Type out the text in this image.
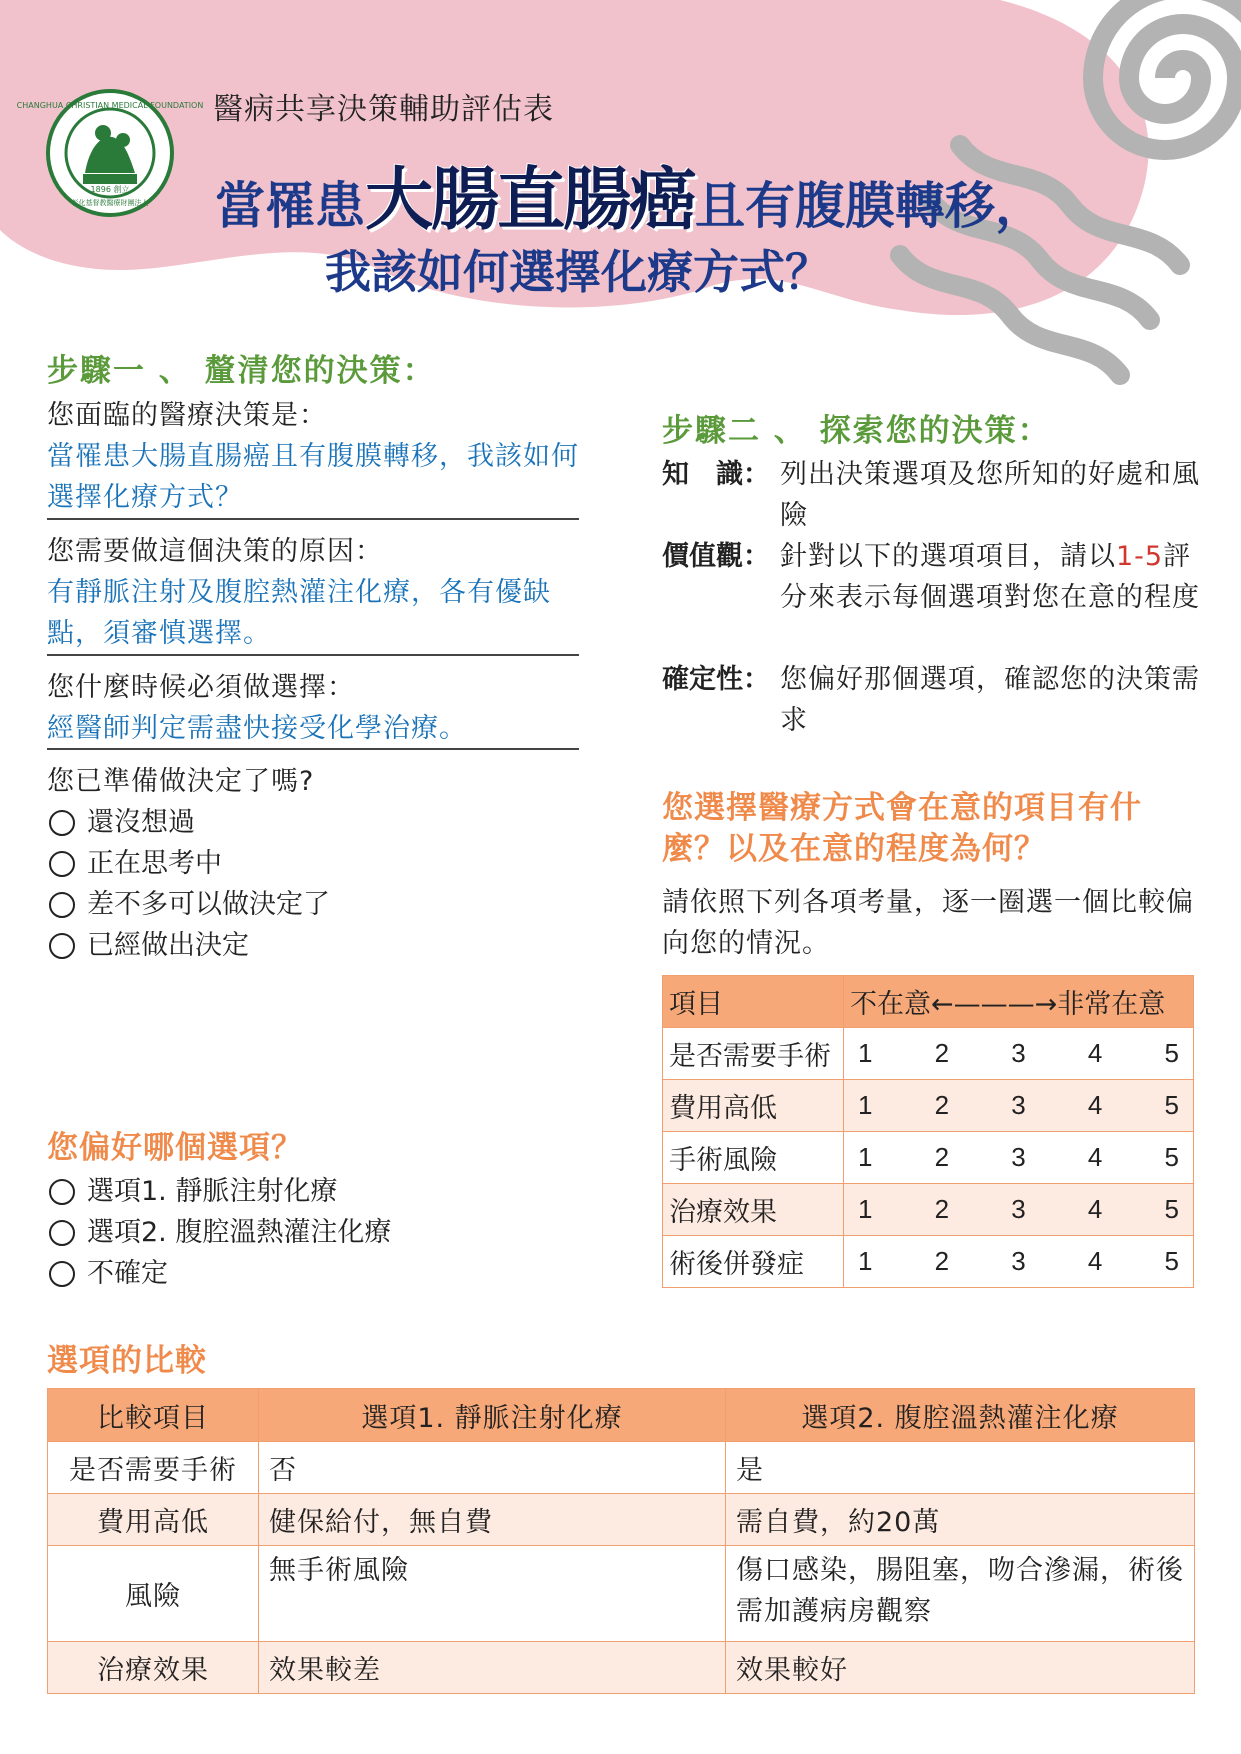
CHANGHUA CHRISTIAN MEDICAL FOUNDATION
1896 創立
彰化基督教醫療財團法人
醫病共享決策輔助評估表
當罹患大腸直腸癌且有腹膜轉移，
我該如何選擇化療方式？
步驟一 、 釐清您的決策：
您面臨的醫療決策是：
當罹患大腸直腸癌且有腹膜轉移，我該如何選擇化療方式？
您需要做這個決策的原因：
有靜脈注射及腹腔熱灌注化療，各有優缺點，須審慎選擇。
您什麼時候必須做選擇：
經醫師判定需盡快接受化學治療。
您已準備做決定了嗎?
還沒想過
正在思考中
差不多可以做決定了
已經做出決定
您偏好哪個選項？
選項1. 靜脈注射化療
選項2. 腹腔溫熱灌注化療
不確定
步驟二 、 探索您的決策：
知　識： 列出決策選項及您所知的好處和風險
價值觀： 針對以下的選項項目，請以1-5評分來表示每個選項對您在意的程度
確定性： 您偏好那個選項，確認您的決策需求
您選擇醫療方式會在意的項目有什麼？以及在意的程度為何？
請依照下列各項考量，逐一圈選一個比較偏向您的情況。
項目	不在意←———→非常在意
是否需要手術	1 2 3 4 5

費用高低	1 2 3 4 5

手術風險	1 2 3 4 5

治療效果	1 2 3 4 5

術後併發症	1 2 3 4 5
選項的比較
比較項目	選項1. 靜脈注射化療	選項2. 腹腔溫熱灌注化療
是否需要手術	否	是
費用高低	健保給付，無自費	需自費，約20萬
風險	無手術風險	傷口感染，腸阻塞，吻合滲漏，術後需加護病房觀察
治療效果	效果較差	效果較好
